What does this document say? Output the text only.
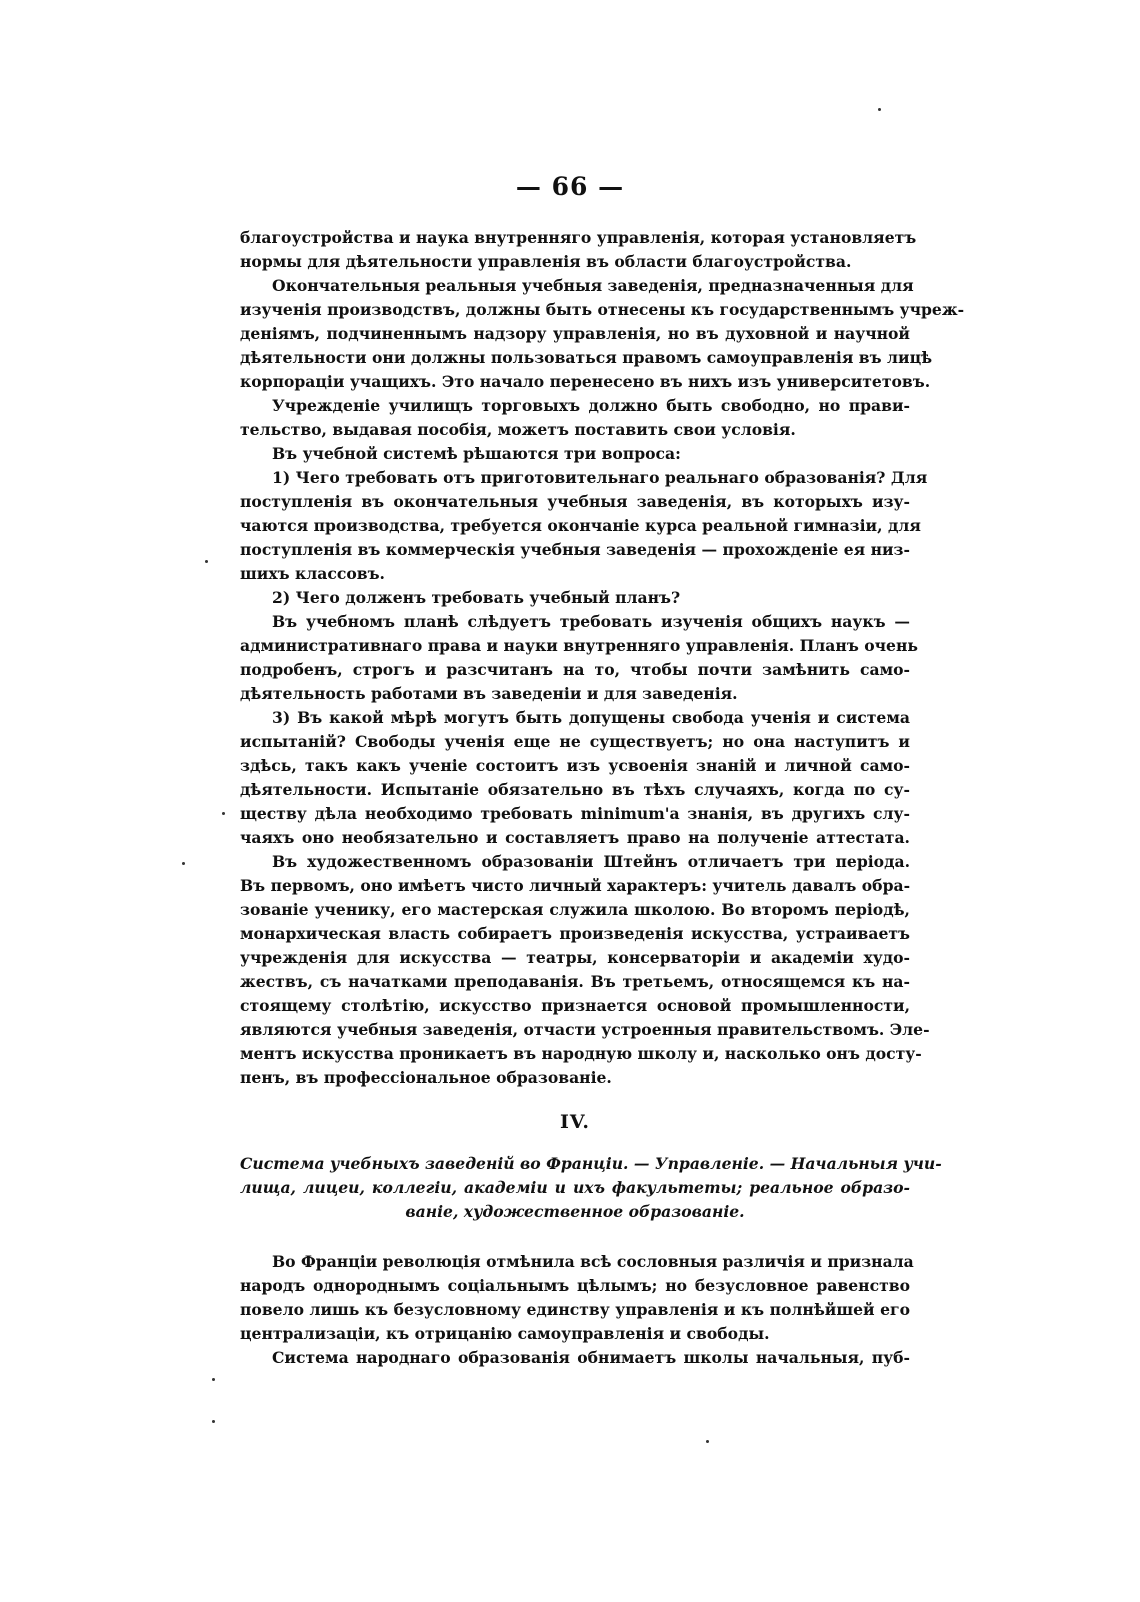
— 66 —
благоустройства и наука внутренняго управленія, которая установляетъ
нормы для дѣятельности управленія въ области благоустройства.
Окончательныя реальныя учебныя заведенія, предназначенныя для
изученія производствъ, должны быть отнесены къ государственнымъ учреж-
деніямъ, подчиненнымъ надзору управленія, но въ духовной и научной
дѣятельности они должны пользоваться правомъ самоуправленія въ лицѣ
корпораціи учащихъ. Это начало перенесено въ нихъ изъ университетовъ.
Учрежденіе училищъ торговыхъ должно быть свободно, но прави-
тельство, выдавая пособія, можетъ поставить свои условія.
Въ учебной системѣ рѣшаются три вопроса:
1) Чего требовать отъ приготовительнаго реальнаго образованія? Для
поступленія въ окончательныя учебныя заведенія, въ которыхъ изу-
чаются производства, требуется окончаніе курса реальной гимназіи, для
поступленія въ коммерческія учебныя заведенія — прохожденіе ея низ-
шихъ классовъ.
2) Чего долженъ требовать учебный планъ?
Въ учебномъ планѣ слѣдуетъ требовать изученія общихъ наукъ —
административнаго права и науки внутренняго управленія. Планъ очень
подробенъ, строгъ и разсчитанъ на то, чтобы почти замѣнить само-
дѣятельность работами въ заведеніи и для заведенія.
3) Въ какой мѣрѣ могутъ быть допущены свобода ученія и система
испытаній? Свободы ученія еще не существуетъ; но она наступитъ и
здѣсь, такъ какъ ученіе состоитъ изъ усвоенія знаній и личной само-
дѣятельности. Испытаніе обязательно въ тѣхъ случаяхъ, когда по су-
ществу дѣла необходимо требовать minimum'а знанія, въ другихъ слу-
чаяхъ оно необязательно и составляетъ право на полученіе аттестата.
Въ художественномъ образованіи Штейнъ отличаетъ три періода.
Въ первомъ, оно имѣетъ чисто личный характеръ: учитель давалъ обра-
зованіе ученику, его мастерская служила школою. Во второмъ періодѣ,
монархическая власть собираетъ произведенія искусства, устраиваетъ
учрежденія для искусства — театры, консерваторіи и академіи худо-
жествъ, съ начатками преподаванія. Въ третьемъ, относящемся къ на-
стоящему столѣтію, искусство признается основой промышленности,
являются учебныя заведенія, отчасти устроенныя правительствомъ. Эле-
ментъ искусства проникаетъ въ народную школу и, насколько онъ досту-
пенъ, въ профессіональное образованіе.
IV.
Система учебныхъ заведеній во Франціи. — Управленіе. — Начальныя учи-
лища, лицеи, коллегіи, академіи и ихъ факультеты; реальное образо-
ваніе, художественное образованіе.
Во Франціи революція отмѣнила всѣ сословныя различія и признала
народъ однороднымъ соціальнымъ цѣлымъ; но безусловное равенство
повело лишь къ безусловному единству управленія и къ полнѣйшей его
централизаціи, къ отрицанію самоуправленія и свободы.
Система народнаго образованія обнимаетъ школы начальныя, пуб-
